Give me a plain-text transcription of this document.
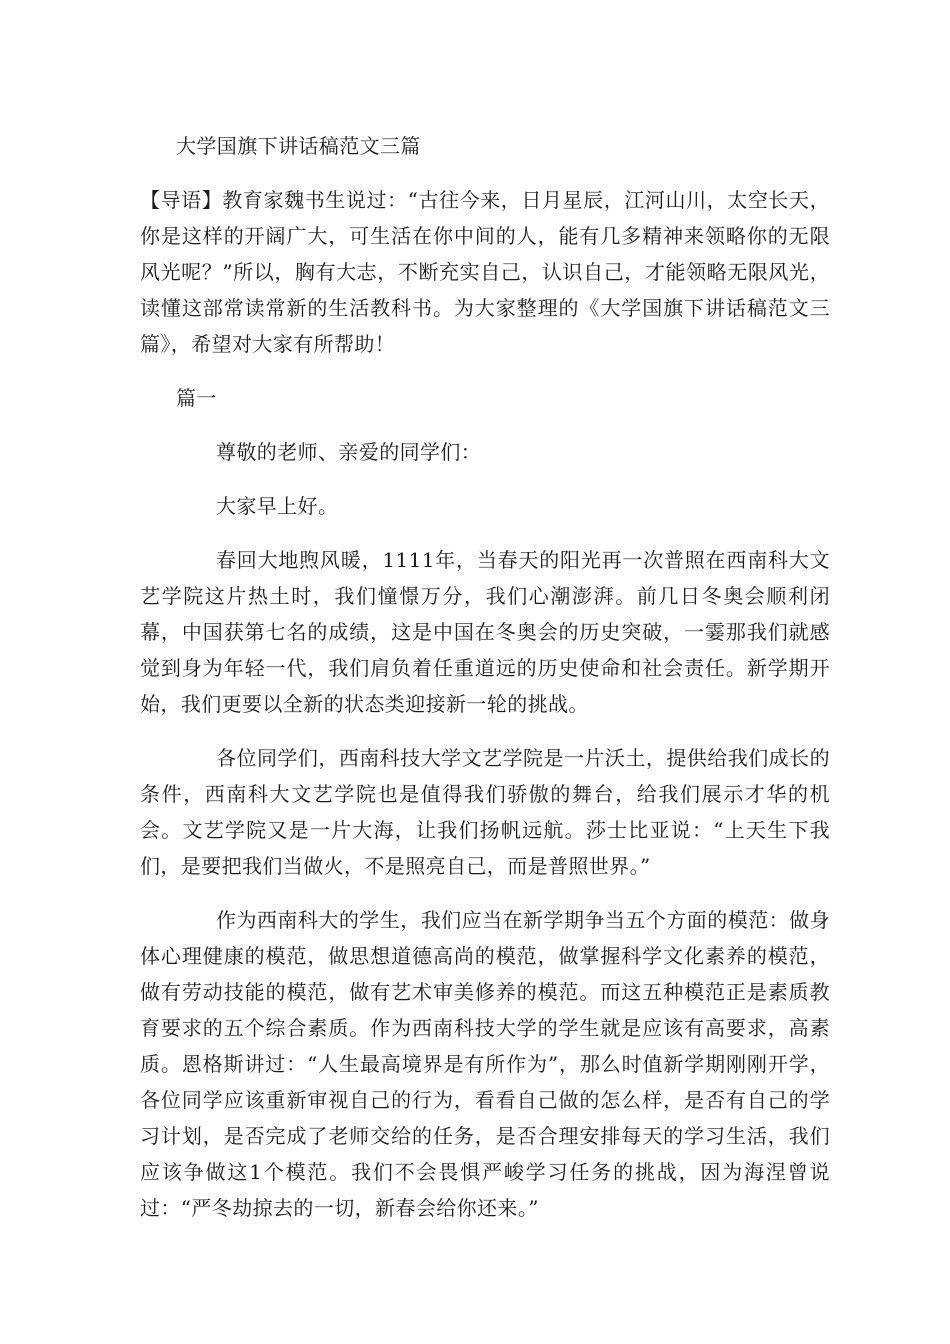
大学国旗下讲话稿范文三篇

【导语】教育家魏书生说过：“古往今来，日月星辰，江河山川，太空长天，你是这样的开阔广大，可生活在你中间的人，能有几多精神来领略你的无限风光呢？”所以，胸有大志，不断充实自己，认识自己，才能领略无限风光，读懂这部常读常新的生活教科书。为大家整理的《大学国旗下讲话稿范文三篇》，希望对大家有所帮助！

篇一

尊敬的老师、亲爱的同学们：

大家早上好。

春回大地煦风暖，1111年，当春天的阳光再一次普照在西南科大文艺学院这片热土时，我们憧憬万分，我们心潮澎湃。前几日冬奥会顺利闭幕，中国获第七名的成绩，这是中国在冬奥会的历史突破，一霎那我们就感觉到身为年轻一代，我们肩负着任重道远的历史使命和社会责任。新学期开始，我们更要以全新的状态类迎接新一轮的挑战。

各位同学们，西南科技大学文艺学院是一片沃土，提供给我们成长的条件，西南科大文艺学院也是值得我们骄傲的舞台，给我们展示才华的机会。文艺学院又是一片大海，让我们扬帆远航。莎士比亚说：“上天生下我们，是要把我们当做火，不是照亮自己，而是普照世界。”

作为西南科大的学生，我们应当在新学期争当五个方面的模范：做身体心理健康的模范，做思想道德高尚的模范，做掌握科学文化素养的模范，做有劳动技能的模范，做有艺术审美修养的模范。而这五种模范正是素质教育要求的五个综合素质。作为西南科技大学的学生就是应该有高要求，高素质。恩格斯讲过：“人生最高境界是有所作为”，那么时值新学期刚刚开学，各位同学应该重新审视自己的行为，看看自己做的怎么样，是否有自己的学习计划，是否完成了老师交给的任务，是否合理安排每天的学习生活，我们应该争做这1个模范。我们不会畏惧严峻学习任务的挑战，因为海涅曾说过：“严冬劫掠去的一切，新春会给你还来。”
